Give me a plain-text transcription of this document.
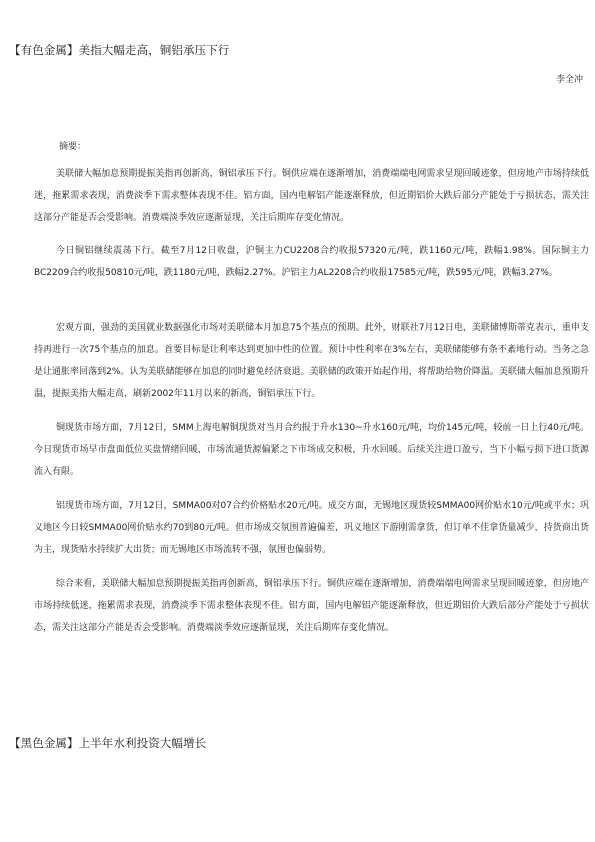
【有色金属】美指大幅走高，铜铝承压下行
李全冲
摘要：

美联储大幅加息预期提振美指再创新高，铜铝承压下行。铜供应端在逐渐增加，消费端端电网需求呈现回暖迹象，但房地产市场持续低迷，拖累需求表现，消费淡季下需求整体表现不佳。铝方面，国内电解铝产能逐渐释放，但近期铝价大跌后部分产能处于亏损状态，需关注这部分产能是否会受影响。消费端淡季效应逐渐显现，关注后期库存变化情况。

今日铜铝继续震荡下行。截至7月12日收盘，沪铜主力CU2208合约收报57320元/吨，跌1160元/吨，跌幅1.98%。国际铜主力BC2209合约收报50810元/吨，跌1180元/吨，跌幅2.27%。沪铝主力AL2208合约收报17585元/吨，跌595元/吨，跌幅3.27%。

宏观方面，强劲的美国就业数据强化市场对美联储本月加息75个基点的预期。此外，财联社7月12日电，美联储博斯蒂克表示，重申支持再进行一次75个基点的加息。首要目标是让利率达到更加中性的位置。预计中性利率在3%左右，美联储能够有条不紊地行动。当务之急是让通胀率回落到2%。认为美联储能够在加息的同时避免经济衰退。美联储的政策开始起作用，将帮助给物价降温。美联储大幅加息预期升温，提振美指大幅走高，刷新2002年11月以来的新高，铜铝承压下行。

铜现货市场方面，7月12日，SMM上海电解铜现货对当月合约报于升水130~升水160元/吨，均价145元/吨，较前一日上行40元/吨。今日现货市场早市盘面低位买盘情绪回暖，市场流通货源偏紧之下市场成交积极，升水回暖。后续关注进口盈亏，当下小幅亏损下进口货源流入有限。

铝现货市场方面，7月12日，SMMA00对07合约价格贴水20元/吨。成交方面，无锡地区现货较SMMA00网价贴水10元/吨或平水；巩义地区今日较SMMA00网价贴水约70到80元/吨。但市场成交氛围普遍偏差，巩义地区下游刚需拿货，但订单不佳拿货量减少，持货商出货为主，现货贴水持续扩大出货；而无锡地区市场流转不强，氛围也偏弱势。

综合来看，美联储大幅加息预期提振美指再创新高，铜铝承压下行。铜供应端在逐渐增加，消费端端电网需求呈现回暖迹象，但房地产市场持续低迷，拖累需求表现，消费淡季下需求整体表现不佳。铝方面，国内电解铝产能逐渐释放，但近期铝价大跌后部分产能处于亏损状态，需关注这部分产能是否会受影响。消费端淡季效应逐渐显现，关注后期库存变化情况。

【黑色金属】上半年水利投资大幅增长
